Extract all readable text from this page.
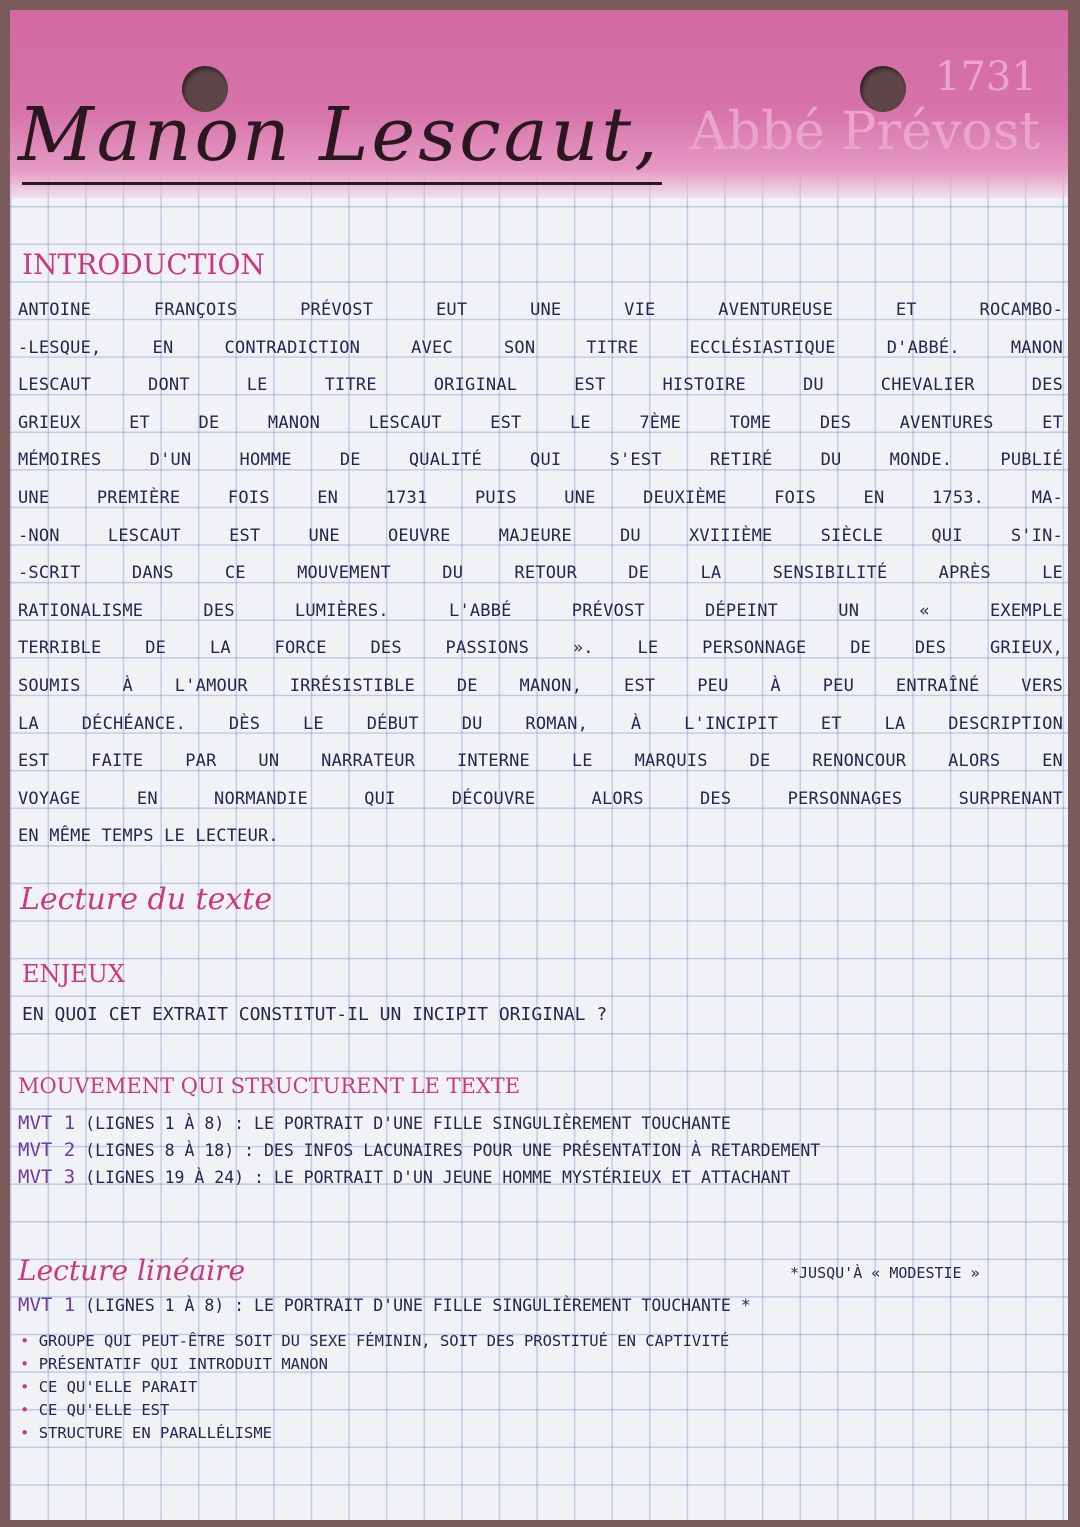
1731
Manon Lescaut, Abbé Prévost
INTRODUCTION
ANTOINE FRANÇOIS PRÉVOST EUT UNE VIE AVENTUREUSE ET ROCAMBO-
-LESQUE, EN CONTRADICTION AVEC SON TITRE ECCLÉSIASTIQUE D'ABBÉ. MANON
LESCAUT DONT LE TITRE ORIGINAL EST HISTOIRE DU CHEVALIER DES
GRIEUX ET DE MANON LESCAUT EST LE 7ÈME TOME DES AVENTURES ET
MÉMOIRES D'UN HOMME DE QUALITÉ QUI S'EST RETIRÉ DU MONDE. PUBLIÉ
UNE PREMIÈRE FOIS EN 1731 PUIS UNE DEUXIÈME FOIS EN 1753. MA-
-NON LESCAUT EST UNE OEUVRE MAJEURE DU XVIIIÈME SIÈCLE QUI S'IN-
-SCRIT DANS CE MOUVEMENT DU RETOUR DE LA SENSIBILITÉ APRÈS LE
RATIONALISME DES LUMIÈRES. L'ABBÉ PRÉVOST DÉPEINT UN « EXEMPLE
TERRIBLE DE LA FORCE DES PASSIONS ». LE PERSONNAGE DE DES GRIEUX,
SOUMIS À L'AMOUR IRRÉSISTIBLE DE MANON, EST PEU À PEU ENTRAÎNÉ VERS
LA DÉCHÉANCE. DÈS LE DÉBUT DU ROMAN, À L'INCIPIT ET LA DESCRIPTION
EST FAITE PAR UN NARRATEUR INTERNE LE MARQUIS DE RENONCOUR ALORS EN
VOYAGE EN NORMANDIE QUI DÉCOUVRE ALORS DES PERSONNAGES SURPRENANT
EN MÊME TEMPS LE LECTEUR.
Lecture du texte
ENJEUX
EN QUOI CET EXTRAIT CONSTITUT-IL UN INCIPIT ORIGINAL ?
MOUVEMENT QUI STRUCTURENT LE TEXTE
MVT 1 (LIGNES 1 À 8) : LE PORTRAIT D'UNE FILLE SINGULIÈREMENT TOUCHANTE
MVT 2 (LIGNES 8 À 18) : DES INFOS LACUNAIRES POUR UNE PRÉSENTATION À RETARDEMENT
MVT 3 (LIGNES 19 À 24) : LE PORTRAIT D'UN JEUNE HOMME MYSTÉRIEUX ET ATTACHANT
Lecture linéaire	*JUSQU'À « MODESTIE »
MVT 1 (LIGNES 1 À 8) : LE PORTRAIT D'UNE FILLE SINGULIÈREMENT TOUCHANTE *
• GROUPE QUI PEUT-ÊTRE SOIT DU SEXE FÉMININ, SOIT DES PROSTITUÉ EN CAPTIVITÉ
• PRÉSENTATIF QUI INTRODUIT MANON
• CE QU'ELLE PARAIT
• CE QU'ELLE EST
• STRUCTURE EN PARALLÉLISME
